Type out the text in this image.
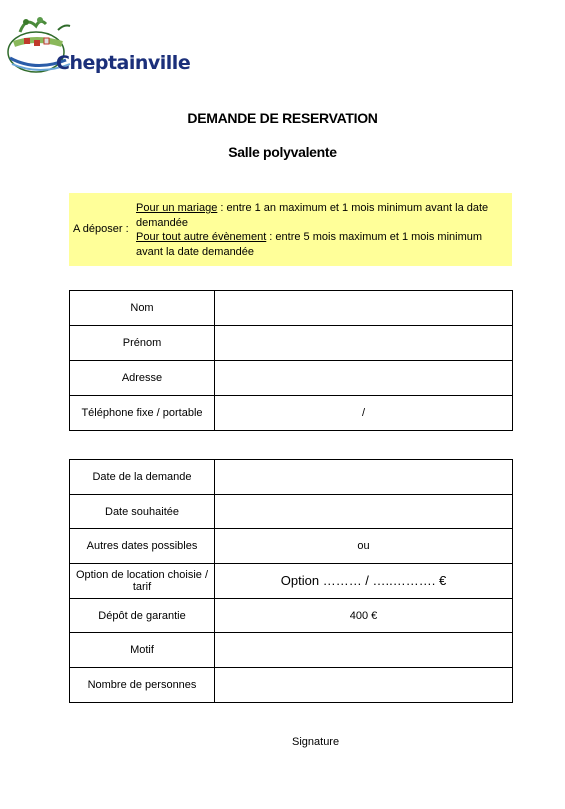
Cheptainville
DEMANDE DE RESERVATION
Salle polyvalente
A déposer :
Pour un mariage : entre 1 an maximum et 1 mois minimum avant la date demandée
Pour tout autre évènement : entre 5 mois maximum et 1 mois minimum avant la date demandée
Nom	
Prénom	
Adresse	
Téléphone fixe / portable	/
Date de la demande	
Date souhaitée	
Autres dates possibles	ou
Option de location choisie / tarif	Option ……… / …..………. €
Dépôt de garantie	400 €
Motif	
Nombre de personnes	
Signature
